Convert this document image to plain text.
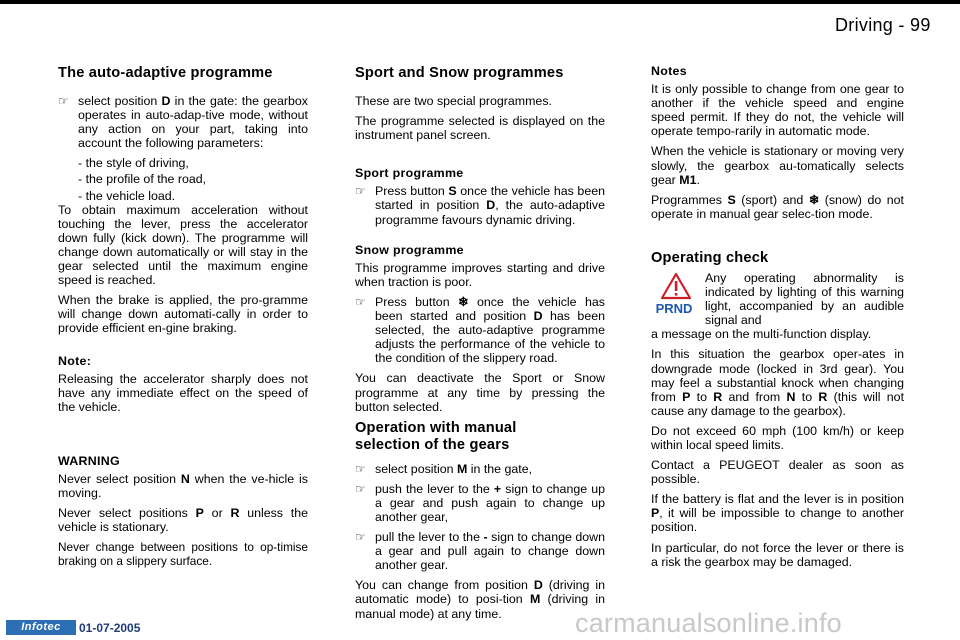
Driving - 99
The auto-adaptive programme
☞ select position D in the gate: the gearbox operates in auto-adap-tive mode, without any action on your part, taking into account the following parameters:
- the style of driving,
- the profile of the road,
- the vehicle load.

To obtain maximum acceleration without touching the lever, press the accelerator down fully (kick down). The programme will change down automatically or will stay in the gear selected until the maximum engine speed is reached.

When the brake is applied, the pro-gramme will change down automati-cally in order to provide efficient en-gine braking.

Note:

Releasing the accelerator sharply does not have any immediate effect on the speed of the vehicle.

WARNING

Never select position N when the ve-hicle is moving.

Never select positions P or R unless the vehicle is stationary.

Never change between positions to op-timise braking on a slippery surface.

Sport and Snow programmes

These are two special programmes.

The programme selected is displayed on the instrument panel screen.

Sport programme
☞ Press button S once the vehicle has been started in position D, the auto-adaptive programme favours dynamic driving.
Snow programme

This programme improves starting and drive when traction is poor.

☞ Press button ❄ once the vehicle has been started and position D has been selected, the auto-adaptive programme adjusts the performance of the vehicle to the condition of the slippery road.

You can deactivate the Sport or Snow programme at any time by pressing the button selected.

Operation with manual
selection of the gears
☞ select position M in the gate,
☞ push the lever to the + sign to change up a gear and push again to change up another gear,
☞ pull the lever to the - sign to change down a gear and pull again to change down another gear.

You can change from position D (driving in automatic mode) to posi-tion M (driving in manual mode) at any time.

Notes

It is only possible to change from one gear to another if the vehicle speed and engine speed permit. If they do not, the vehicle will operate tempo-rarily in automatic mode.

When the vehicle is stationary or moving very slowly, the gearbox au-tomatically selects gear M1.

Programmes S (sport) and ❄ (snow) do not operate in manual gear selec-tion mode.

Operating check
PRND

Any operating abnormality is indicated by lighting of this warning light, accompanied by an audible signal and

a message on the multi-function display.

In this situation the gearbox oper-ates in downgrade mode (locked in 3rd gear). You may feel a substantial knock when changing from P to R and from N to R (this will not cause any damage to the gearbox).

Do not exceed 60 mph (100 km/h) or keep within local speed limits.

Contact a PEUGEOT dealer as soon as possible.

If the battery is flat and the lever is in position P, it will be impossible to change to another position.

In particular, do not force the lever or there is a risk the gearbox may be damaged.

Infotec	01-07-2005	carmanualsonline.info
